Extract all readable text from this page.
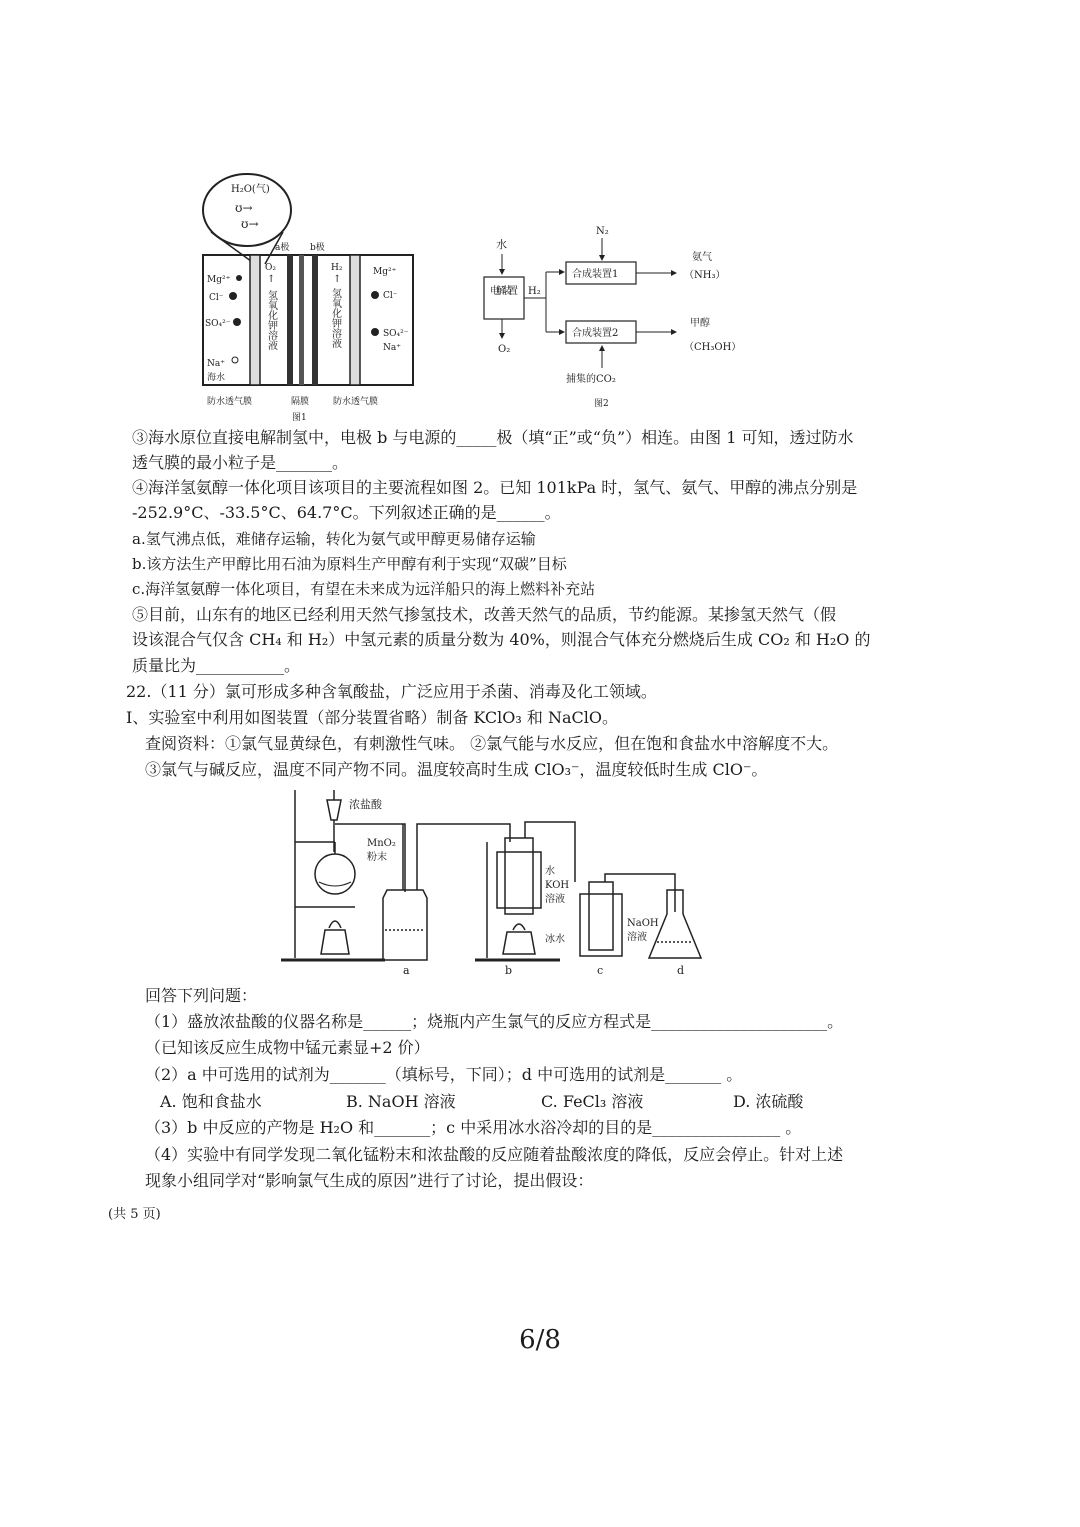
H₂O(气)
ʊ→
ʊ→
a极 b极
O₂	H₂
↑	↑
氢氧化钾溶液	氢氧化钾溶液
Mg²⁺
Cl⁻
SO₄²⁻
Na⁺
海水
Mg²⁺
Cl⁻
SO₄²⁻
Na⁺
防水透气膜	隔膜	防水透气膜
图1
水
电解装置
O₂
H₂
N₂
合成装置1
合成装置2
氨气
（NH₃）
甲醇
（CH₃OH）
捕集的CO₂
图2
③海水原位直接电解制氢中，电极 b 与电源的_____极（填“正”或“负”）相连。由图 1 可知，透过防水
透气膜的最小粒子是_______。
④海洋氢氨醇一体化项目该项目的主要流程如图 2。已知 101kPa 时，氢气、氨气、甲醇的沸点分别是
-252.9°C、-33.5°C、64.7°C。下列叙述正确的是______。
a.氢气沸点低，难储存运输，转化为氨气或甲醇更易储存运输
b.该方法生产甲醇比用石油为原料生产甲醇有利于实现“双碳”目标
c.海洋氢氨醇一体化项目，有望在未来成为远洋船只的海上燃料补充站
⑤目前，山东有的地区已经利用天然气掺氢技术，改善天然气的品质，节约能源。某掺氢天然气（假
设该混合气仅含 CH₄ 和 H₂）中氢元素的质量分数为 40%，则混合气体充分燃烧后生成 CO₂ 和 H₂O 的
质量比为___________。
22.（11 分）氯可形成多种含氧酸盐，广泛应用于杀菌、消毒及化工领域。
I、实验室中利用如图装置（部分装置省略）制备 KClO₃ 和 NaClO。
查阅资料：①氯气显黄绿色，有刺激性气味。 ②氯气能与水反应，但在饱和食盐水中溶解度不大。
③氯气与碱反应，温度不同产物不同。温度较高时生成 ClO₃⁻，温度较低时生成 ClO⁻。
浓盐酸
MnO₂
粉末
水
KOH
溶液
NaOH
溶液
冰水
a	b	c	d
回答下列问题：
（1）盛放浓盐酸的仪器名称是______；烧瓶内产生氯气的反应方程式是______________________。
（已知该反应生成物中锰元素显+2 价）
（2）a 中可选用的试剂为_______（填标号，下同）；d 中可选用的试剂是_______ 。
A. 饱和食盐水	B. NaOH 溶液	C. FeCl₃ 溶液	D. 浓硫酸
（3）b 中反应的产物是 H₂O 和_______；c 中采用冰水浴冷却的目的是________________ 。
（4）实验中有同学发现二氧化锰粉末和浓盐酸的反应随着盐酸浓度的降低，反应会停止。针对上述
现象小组同学对“影响氯气生成的原因”进行了讨论，提出假设：
(共 5 页)
6/8
